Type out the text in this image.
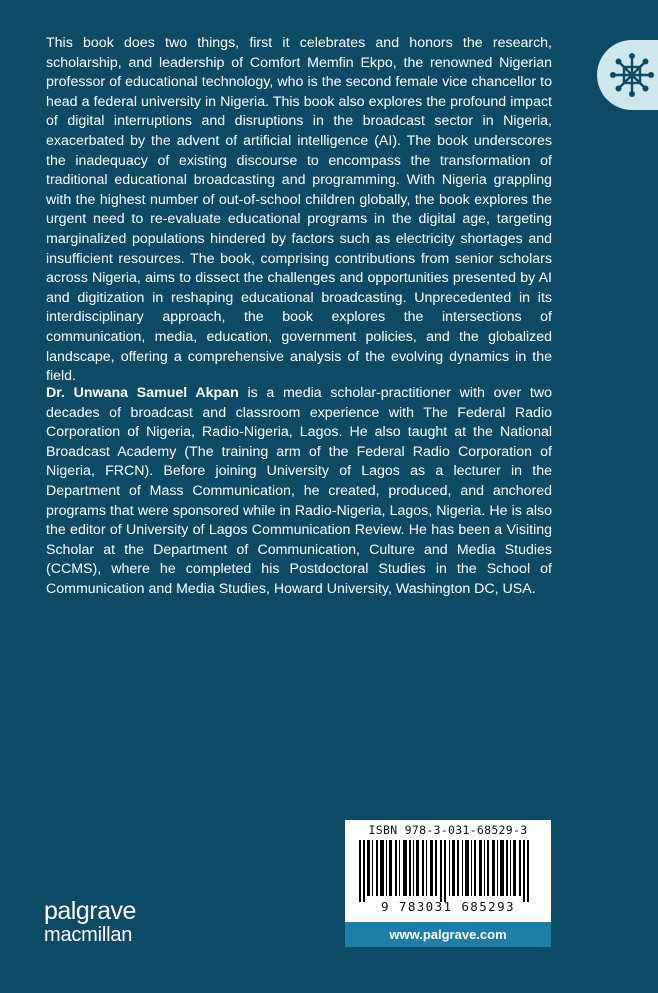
This book does two things, first it celebrates and honors the research, scholarship, and leadership of Comfort Memfin Ekpo, the renowned Nigerian professor of educational technology, who is the second female vice chancellor to head a federal university in Nigeria. This book also explores the profound impact of digital interruptions and disruptions in the broadcast sector in Nigeria, exacerbated by the advent of artificial intelligence (AI). The book underscores the inadequacy of existing discourse to encompass the transformation of traditional educational broadcasting and programming. With Nigeria grappling with the highest number of out-of-school children globally, the book explores the urgent need to re-evaluate educational programs in the digital age, targeting marginalized populations hindered by factors such as electricity shortages and insufficient resources. The book, comprising contributions from senior scholars across Nigeria, aims to dissect the challenges and opportunities presented by AI and digitization in reshaping educational broadcasting. Unprecedented in its interdisciplinary approach, the book explores the intersections of communication, media, education, government policies, and the globalized landscape, offering a comprehensive analysis of the evolving dynamics in the field.

Dr. Unwana Samuel Akpan is a media scholar-practitioner with over two decades of broadcast and classroom experience with The Federal Radio Corporation of Nigeria, Radio-Nigeria, Lagos. He also taught at the National Broadcast Academy (The training arm of the Federal Radio Corporation of Nigeria, FRCN). Before joining University of Lagos as a lecturer in the Department of Mass Communication, he created, produced, and anchored programs that were sponsored while in Radio-Nigeria, Lagos, Nigeria. He is also the editor of University of Lagos Communication Review. He has been a Visiting Scholar at the Department of Communication, Culture and Media Studies (CCMS), where he completed his Postdoctoral Studies in the School of Communication and Media Studies, Howard University, Washington DC, USA.

ISBN 978-3-031-68529-3
9 783031 685293
www.palgrave.com
palgrave
macmillan
